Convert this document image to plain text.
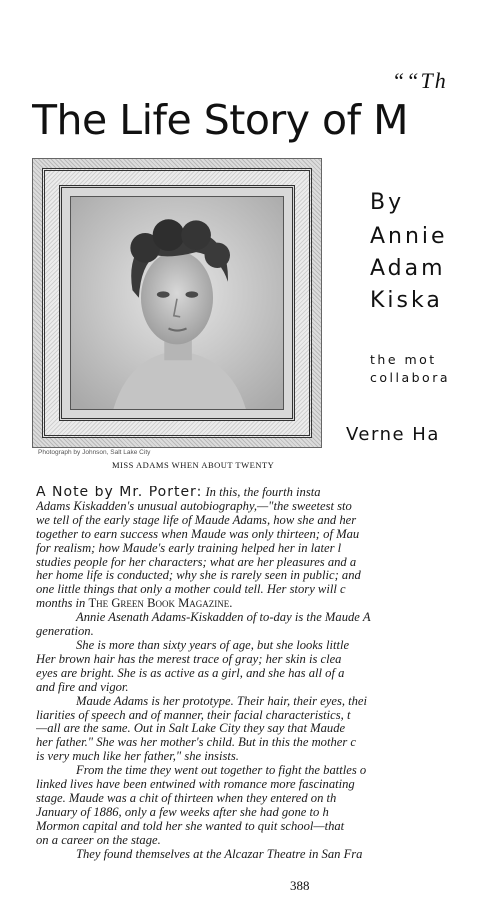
““Th
The Life Story of M
Photograph by Johnson, Salt Lake City
MISS ADAMS WHEN ABOUT TWENTY
By
Annie
Adam
Kiska
the mot
collabora
Verne Ha

A Note by Mr. Porter: In this, the fourth insta

Adams Kiskadden's unusual autobiography,—"the sweetest sto

we tell of the early stage life of Maude Adams, how she and her

together to earn success when Maude was only thirteen; of Mau

for realism; how Maude's early training helped her in later l

studies people for her characters; what are her pleasures and a

her home life is conducted; why she is rarely seen in public; and

one little things that only a mother could tell. Her story will c

months in The Green Book Magazine.

Annie Asenath Adams-Kiskadden of to-day is the Maude A

generation.

She is more than sixty years of age, but she looks little

Her brown hair has the merest trace of gray; her skin is clea

eyes are bright. She is as active as a girl, and she has all of a

and fire and vigor.

Maude Adams is her prototype. Their hair, their eyes, thei

liarities of speech and of manner, their facial characteristics, t

—all are the same. Out in Salt Lake City they say that Maude

her father." She was her mother's child. But in this the mother c

is very much like her father," she insists.

From the time they went out together to fight the battles o

linked lives have been entwined with romance more fascinating

stage. Maude was a chit of thirteen when they entered on th

January of 1886, only a few weeks after she had gone to h

Mormon capital and told her she wanted to quit school—that

on a career on the stage.

They found themselves at the Alcazar Theatre in San Fra

388
